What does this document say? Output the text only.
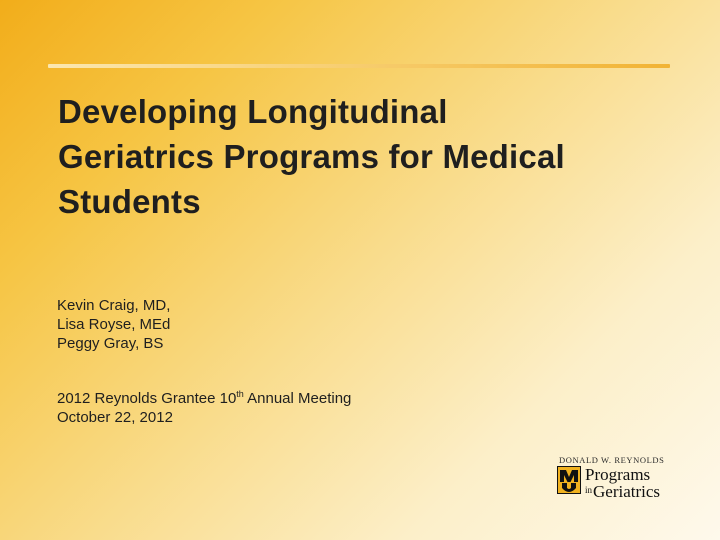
Developing Longitudinal
Geriatrics Programs for Medical
Students
Kevin Craig, MD,
Lisa Royse, MEd
Peggy Gray, BS
2012 Reynolds Grantee 10th Annual Meeting
October 22, 2012
DONALD W. REYNOLDS
Programs
$^{in}$Geriatrics
